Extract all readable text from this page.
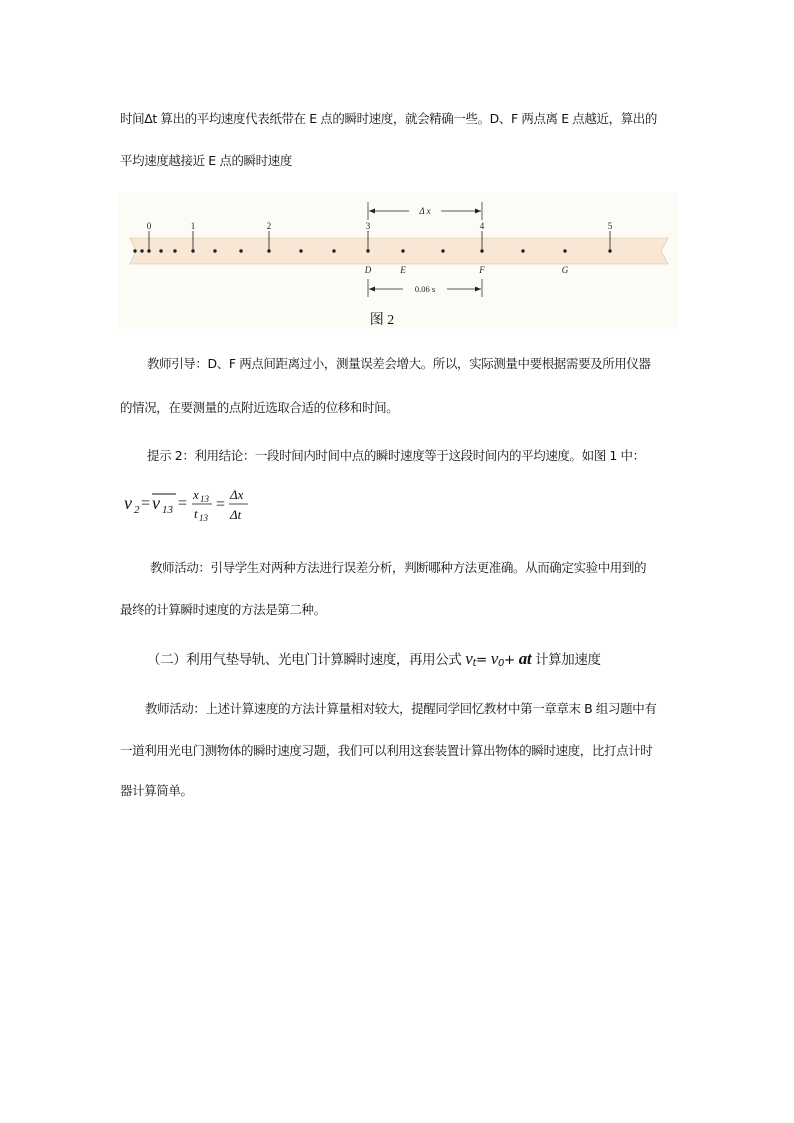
时间Δt 算出的平均速度代表纸带在 E 点的瞬时速度，就会精确一些。D、F 两点离 E 点越近，算出的
平均速度越接近 E 点的瞬时速度
0	1	2	3	4	5
D	E	F	G
Δ x
0.06 s
图 2
教师引导：D、F 两点间距离过小，测量误差会增大。所以，实际测量中要根据需要及所用仪器
的情况，在要测量的点附近选取合适的位移和时间。
提示 2：利用结论：一段时间内时间中点的瞬时速度等于这段时间内的平均速度。如图 1 中：
v 2 = v 13 =
x 13
t 13
=
Δx
Δt
教师活动：引导学生对两种方法进行误差分析，判断哪种方法更准确。从而确定实验中用到的
最终的计算瞬时速度的方法是第二种。
（二）利用气垫导轨、光电门计算瞬时速度，再用公式 $v_t= v_0+$ at 计算加速度
教师活动：上述计算速度的方法计算量相对较大，提醒同学回忆教材中第一章章末 B 组习题中有
一道利用光电门测物体的瞬时速度习题，我们可以利用这套装置计算出物体的瞬时速度，比打点计时
器计算简单。
